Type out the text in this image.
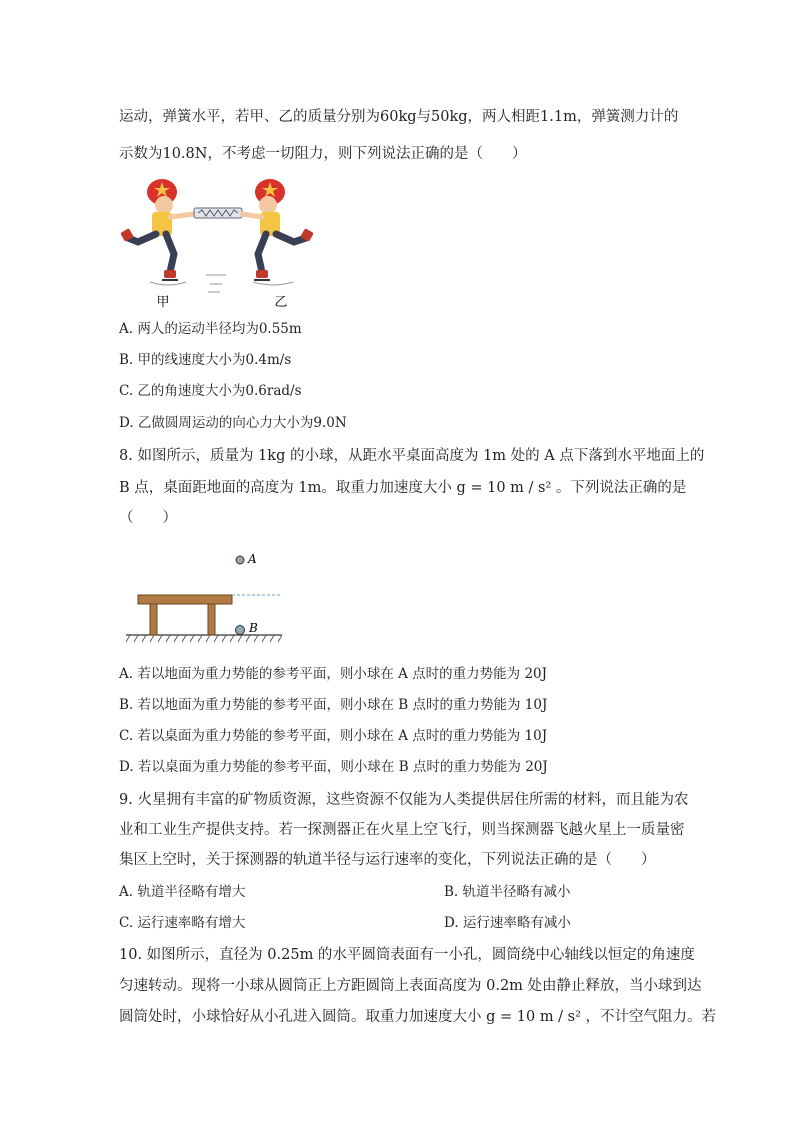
运动，弹簧水平，若甲、乙的质量分别为60kg与50kg，两人相距1.1m，弹簧测力计的
示数为10.8N，不考虑一切阻力，则下列说法正确的是（　　）
甲	乙
A. 两人的运动半径均为0.55m
B. 甲的线速度大小为0.4m/s
C. 乙的角速度大小为0.6rad/s
D. 乙做圆周运动的向心力大小为9.0N
8. 如图所示，质量为 1kg 的小球，从距水平桌面高度为 1m 处的 A 点下落到水平地面上的
B 点，桌面距地面的高度为 1m。取重力加速度大小 g = 10 m / s² 。下列说法正确的是
（　　）
A
B
A. 若以地面为重力势能的参考平面，则小球在 A 点时的重力势能为 20J
B. 若以地面为重力势能的参考平面，则小球在 B 点时的重力势能为 10J
C. 若以桌面为重力势能的参考平面，则小球在 A 点时的重力势能为 10J
D. 若以桌面为重力势能的参考平面，则小球在 B 点时的重力势能为 20J
9. 火星拥有丰富的矿物质资源，这些资源不仅能为人类提供居住所需的材料，而且能为农
业和工业生产提供支持。若一探测器正在火星上空飞行，则当探测器飞越火星上一质量密
集区上空时，关于探测器的轨道半径与运行速率的变化，下列说法正确的是（　　）
A. 轨道半径略有增大	B. 轨道半径略有减小
C. 运行速率略有增大	D. 运行速率略有减小
10. 如图所示，直径为 0.25m 的水平圆筒表面有一小孔，圆筒绕中心轴线以恒定的角速度
匀速转动。现将一小球从圆筒正上方距圆筒上表面高度为 0.2m 处由静止释放，当小球到达
圆筒处时，小球恰好从小孔进入圆筒。取重力加速度大小 g = 10 m / s² ，不计空气阻力。若
